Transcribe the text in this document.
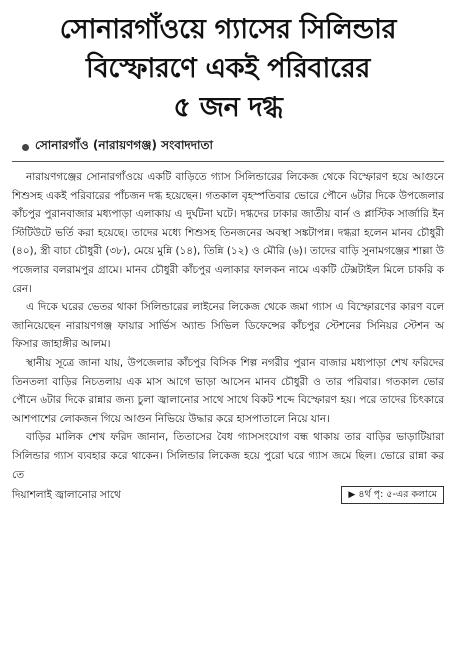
সোনারগাঁওয়ে গ্যাসের সিলিন্ডার
বিস্ফোরণে একই পরিবারের
৫ জন দগ্ধ
সোনারগাঁও (নারায়ণগঞ্জ) সংবাদদাতা

নারায়ণগঞ্জের সোনারগাঁওয়ে একটি বাড়িতে গ্যাস সিলিন্ডারের লিকেজ থেকে বিস্ফোরণ হয়ে আগুনে শিশুসহ একই পরিবারের পাঁচজন দগ্ধ হয়েছেন। গতকাল বৃহস্পতিবার ভোরে পৌনে ৬টার দিকে উপজেলার কাঁচপুর পুরানবাজার মধ্যপাড়া এলাকায় এ দুর্ঘটনা ঘটে। দগ্ধদের ঢাকার জাতীয় বার্ন ও প্লাস্টিক সার্জারি ইনস্টিটিউটে ভর্তি করা হয়েছে। তাদের মধ্যে শিশুসহ তিনজনের অবস্থা সঙ্কটাপন্ন। দগ্ধরা হলেন মানব চৌধুরী (৪০), স্ত্রী বাচা চৌধুরী (৩৮), মেয়ে মুন্নি (১৪), তিন্নি (১২) ও মৌরি (৬)। তাদের বাড়ি সুনামগঞ্জের শাল্লা উপজেলার বলরামপুর গ্রামে। মানব চৌধুরী কাঁচপুর এলাকার ফালকন নামে একটি টেক্সটাইল মিলে চাকরি করেন।

এ দিকে ঘরের ভেতর থাকা সিলিন্ডারের লাইনের লিকেজ থেকে জমা গ্যাস এ বিস্ফোরণের কারণ বলে জানিয়েছেন নারায়ণগঞ্জ ফায়ার সার্ভিস অ্যান্ড সিভিল ডিফেন্সের কাঁচপুর স্টেশনের সিনিয়র স্টেশন অফিসার জাহাঙ্গীর আলম।

স্থানীয় সূত্রে জানা যায়, উপজেলার কাঁচপুর বিসিক শিল্প নগরীর পুরান বাজার মধ্যপাড়া শেখ ফরিদের তিনতলা বাড়ির নিচতলায় এক মাস আগে ভাড়া আসেন মানব চৌধুরী ও তার পরিবার। গতকাল ভোর পৌনে ৬টার দিকে রান্নার জন্য চুলা জ্বালানোর সাথে সাথে বিকট শব্দে বিস্ফোরণ হয়। পরে তাদের চিৎকারে আশপাশের লোকজন গিয়ে আগুন নিভিয়ে উদ্ধার করে হাসপাতালে নিয়ে যান।

বাড়ির মালিক শেখ ফরিদ জানান, তিতাসের বৈধ গ্যাসসংযোগ বন্ধ থাকায় তার বাড়ির ভাড়াটিয়ারা সিলিন্ডার গ্যাস ব্যবহার করে থাকেন। সিলিন্ডার লিকেজ হয়ে পুরো ঘরে গ্যাস জমে ছিল। ভোরে রান্না করতে

দিয়াশলাই জ্বালানোর সাথে	▶ ৪র্থ পৃ: ৫-এর কলামে
